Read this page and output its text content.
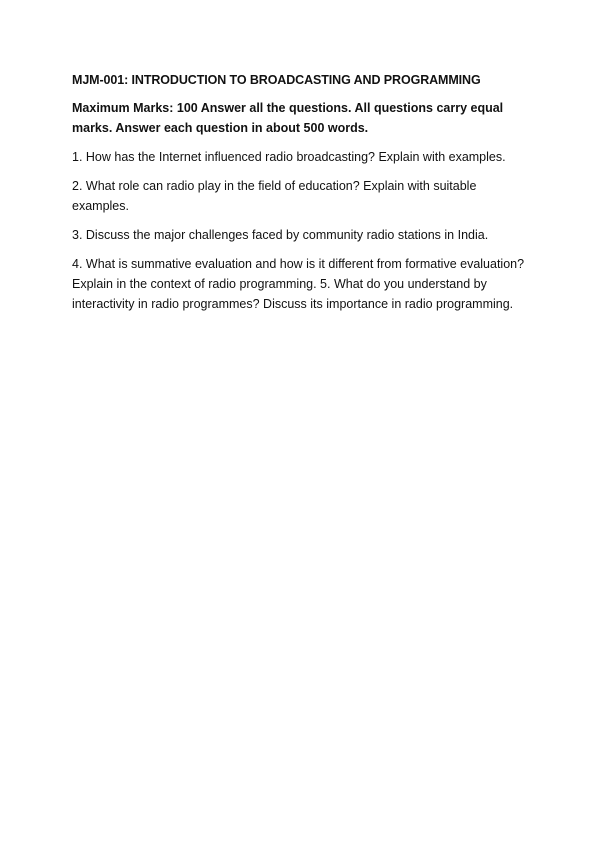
MJM-001: INTRODUCTION TO BROADCASTING AND PROGRAMMING

Maximum Marks: 100 Answer all the questions. All questions carry equal marks. Answer each question in about 500 words.

1. How has the Internet influenced radio broadcasting? Explain with examples.

2. What role can radio play in the field of education? Explain with suitable examples.

3. Discuss the major challenges faced by community radio stations in India.

4. What is summative evaluation and how is it different from formative evaluation? Explain in the context of radio programming. 5. What do you understand by interactivity in radio programmes? Discuss its importance in radio programming.
